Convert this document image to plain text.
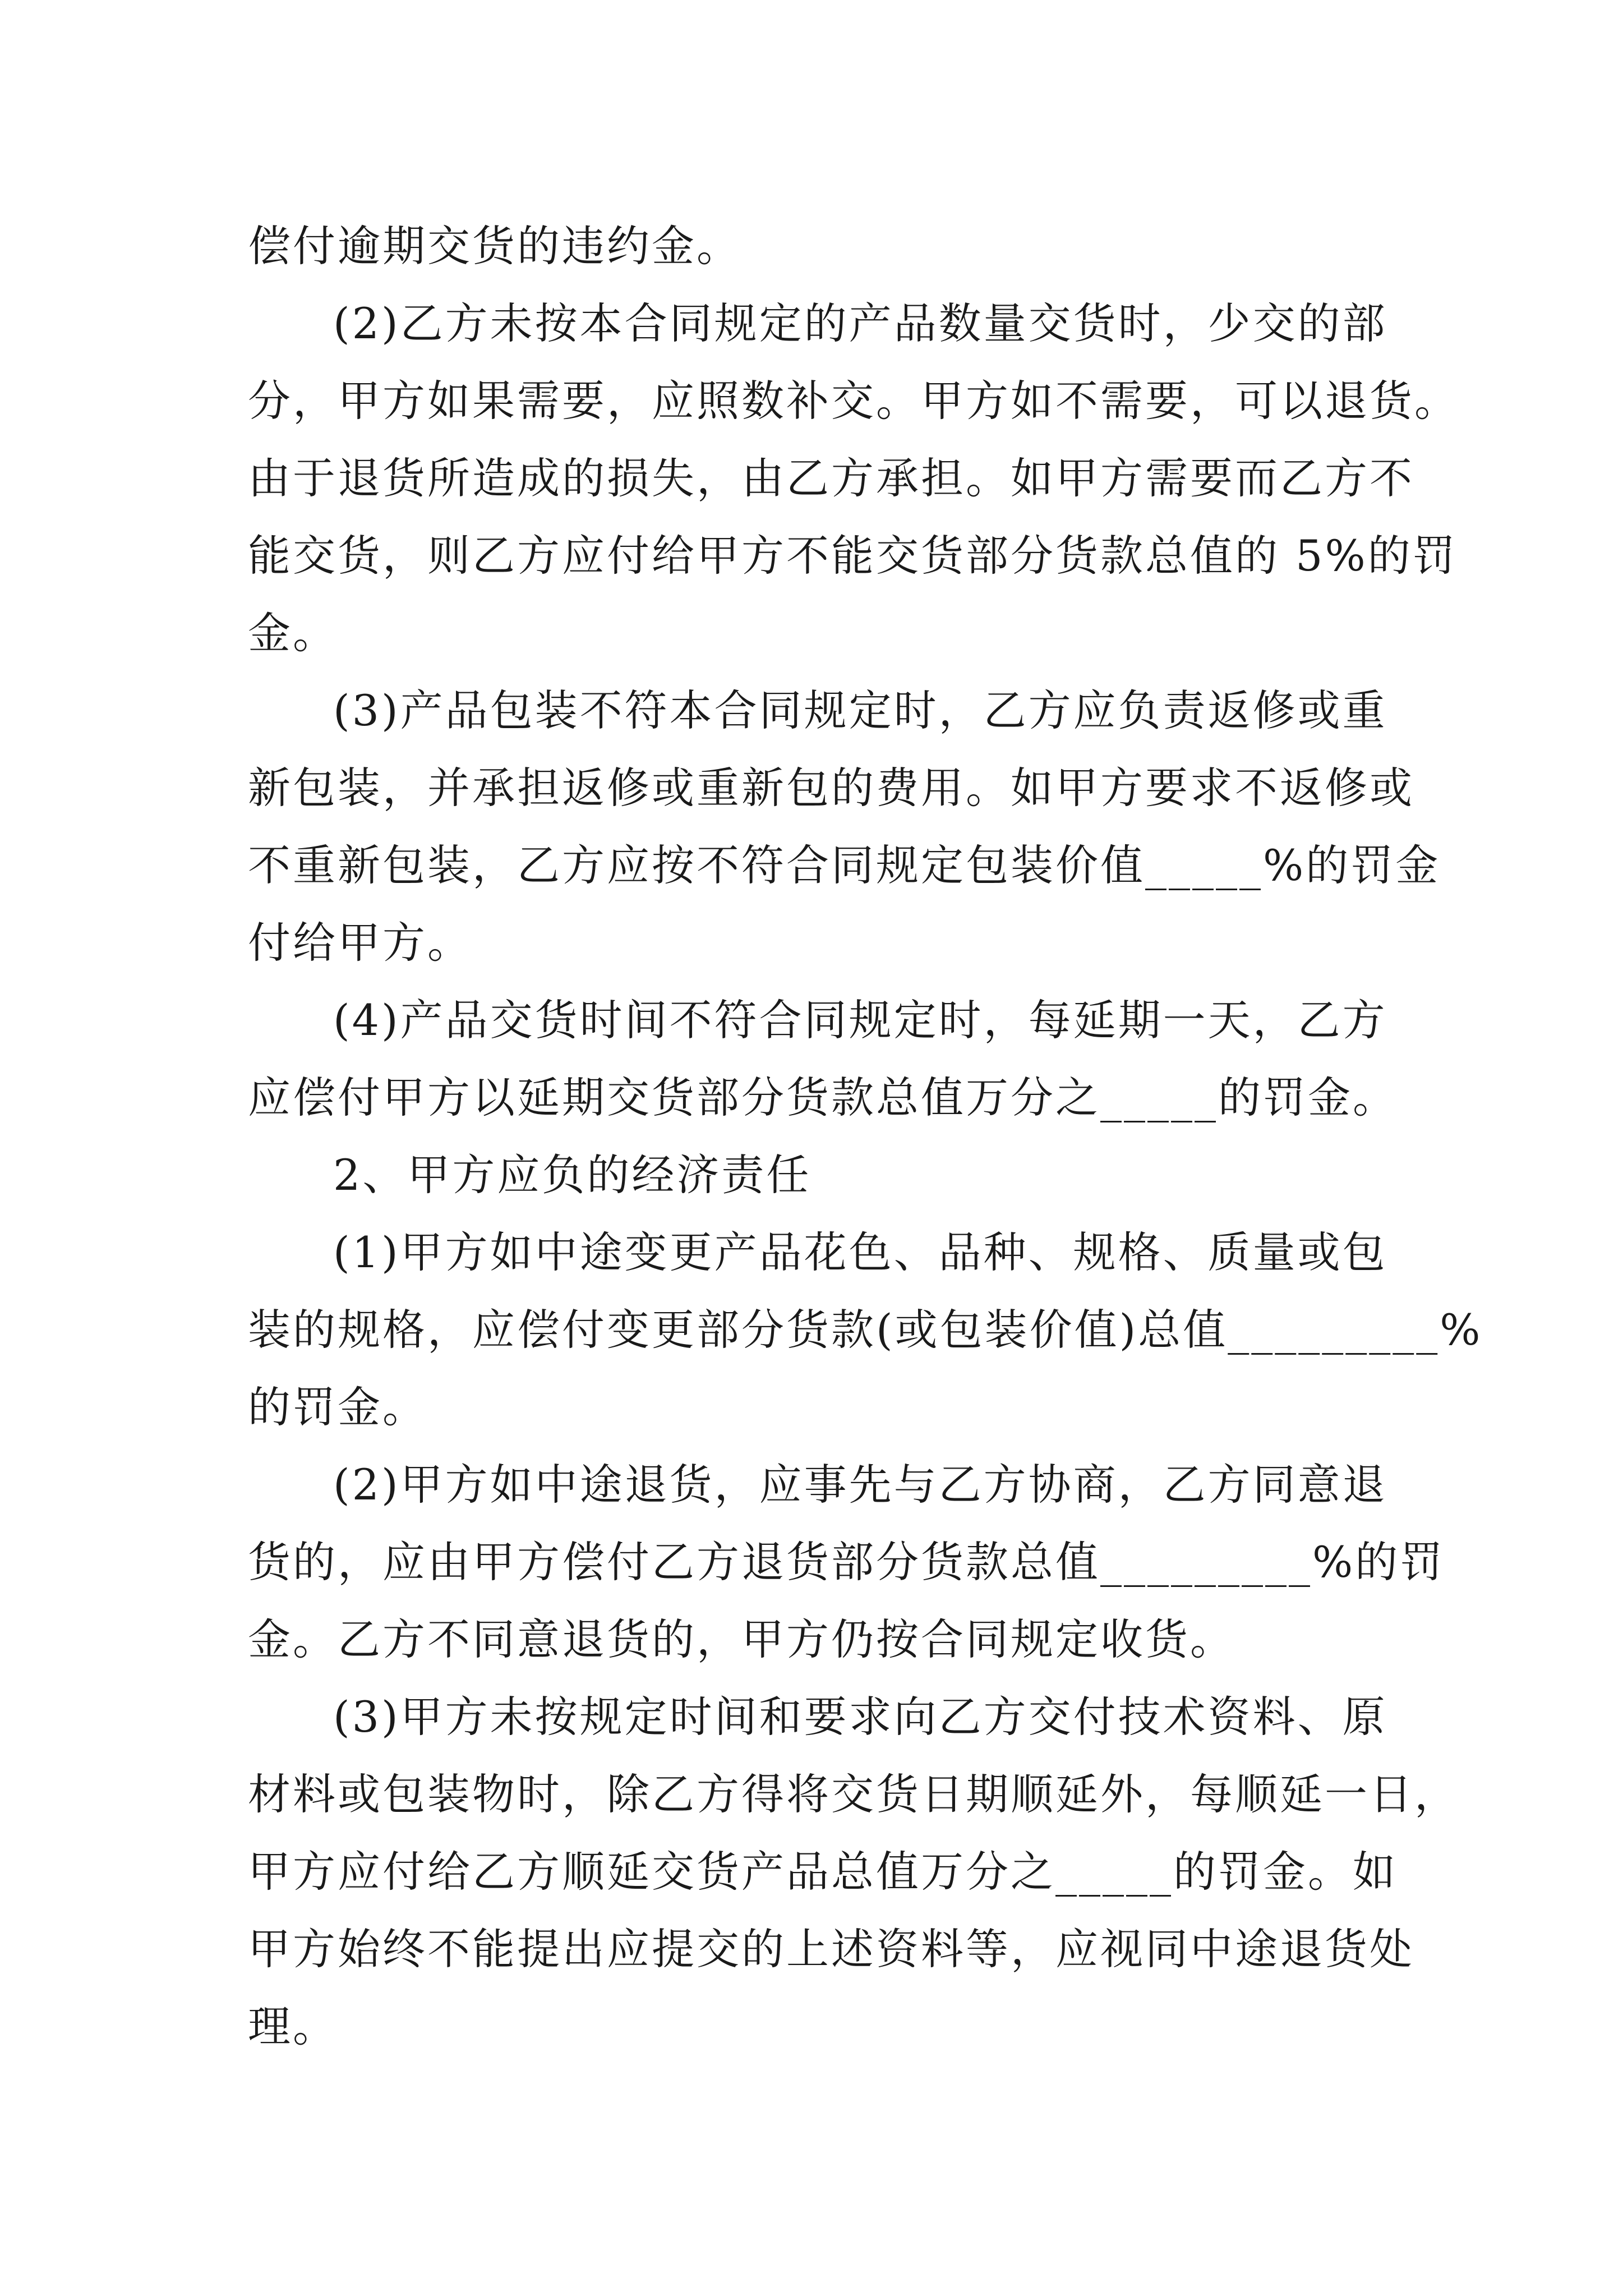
偿付逾期交货的违约金。
(2)乙方未按本合同规定的产品数量交货时，少交的部
分，甲方如果需要，应照数补交。甲方如不需要，可以退货。
由于退货所造成的损失，由乙方承担。如甲方需要而乙方不
能交货，则乙方应付给甲方不能交货部分货款总值的 5%的罚
金。
(3)产品包装不符本合同规定时，乙方应负责返修或重
新包装，并承担返修或重新包的费用。如甲方要求不返修或
不重新包装，乙方应按不符合同规定包装价值_____%的罚金
付给甲方。
(4)产品交货时间不符合同规定时，每延期一天，乙方
应偿付甲方以延期交货部分货款总值万分之_____的罚金。
2、甲方应负的经济责任
(1)甲方如中途变更产品花色、品种、规格、质量或包
装的规格，应偿付变更部分货款(或包装价值)总值_________%
的罚金。
(2)甲方如中途退货，应事先与乙方协商，乙方同意退
货的，应由甲方偿付乙方退货部分货款总值_________%的罚
金。乙方不同意退货的，甲方仍按合同规定收货。
(3)甲方未按规定时间和要求向乙方交付技术资料、原
材料或包装物时，除乙方得将交货日期顺延外，每顺延一日，
甲方应付给乙方顺延交货产品总值万分之_____的罚金。如
甲方始终不能提出应提交的上述资料等，应视同中途退货处
理。
